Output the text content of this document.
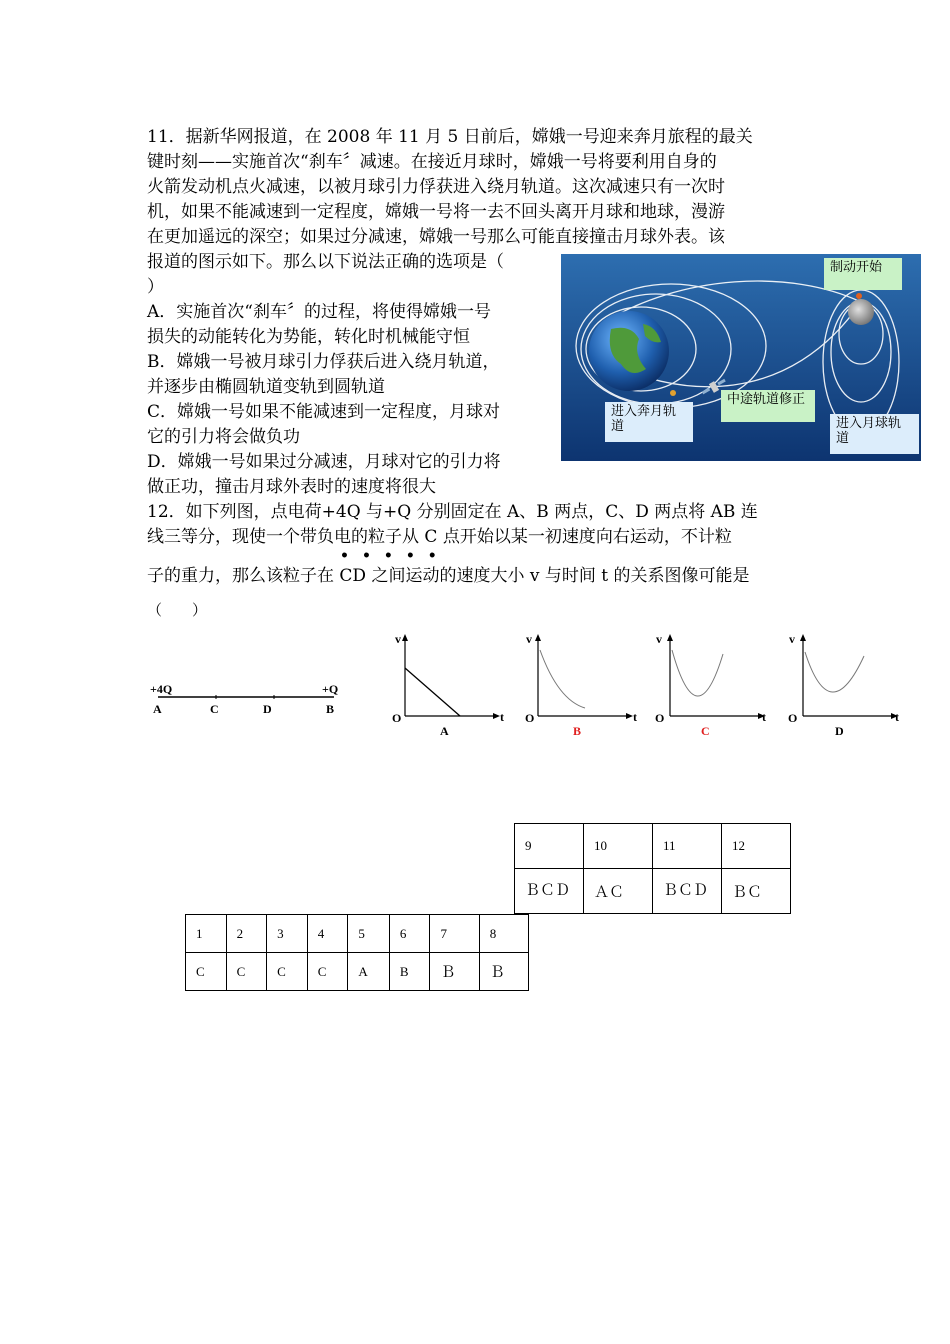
11．据新华网报道，在 2008 年 11 月 5 日前后，嫦娥一号迎来奔月旅程的最关
键时刻——实施首次“刹车〞减速。在接近月球时，嫦娥一号将要利用自身的
火箭发动机点火减速，以被月球引力俘获进入绕月轨道。这次减速只有一次时
机，如果不能减速到一定程度，嫦娥一号将一去不回头离开月球和地球，漫游
在更加遥远的深空；如果过分减速，嫦娥一号那么可能直接撞击月球外表。该
报道的图示如下。那么以下说法正确的选项是（
）
A．实施首次“刹车〞的过程，将使得嫦娥一号
损失的动能转化为势能，转化时机械能守恒
B．嫦娥一号被月球引力俘获后进入绕月轨道，
并逐步由椭圆轨道变轨到圆轨道
C．嫦娥一号如果不能减速到一定程度，月球对
它的引力将会做负功
D．嫦娥一号如果过分减速，月球对它的引力将
做正功，撞击月球外表时的速度将很大
制动开始
进入奔月轨道
中途轨道修正
进入月球轨道
12．如下列图，点电荷+4Q 与+Q 分别固定在 A、B 两点，C、D 两点将 AB 连
线三等分，现使一个带负电的粒子从 C 点开始以某一初速度向右运动，不计粒
•••••
子的重力，那么该粒子在 CD 之间运动的速度大小 v 与时间 t 的关系图像可能是
（　　）
+4Q	+Q
A	C	D	B
v
t
O
A
v
t
O
B
v
t
O
C
v
t
O
D
9	10	11	12
ＢＣＤ	ＡＣ	ＢＣＤ	ＢＣ
1	2	3	4	5	6	7	8
C	C	C	C	A	B	Ｂ	Ｂ
